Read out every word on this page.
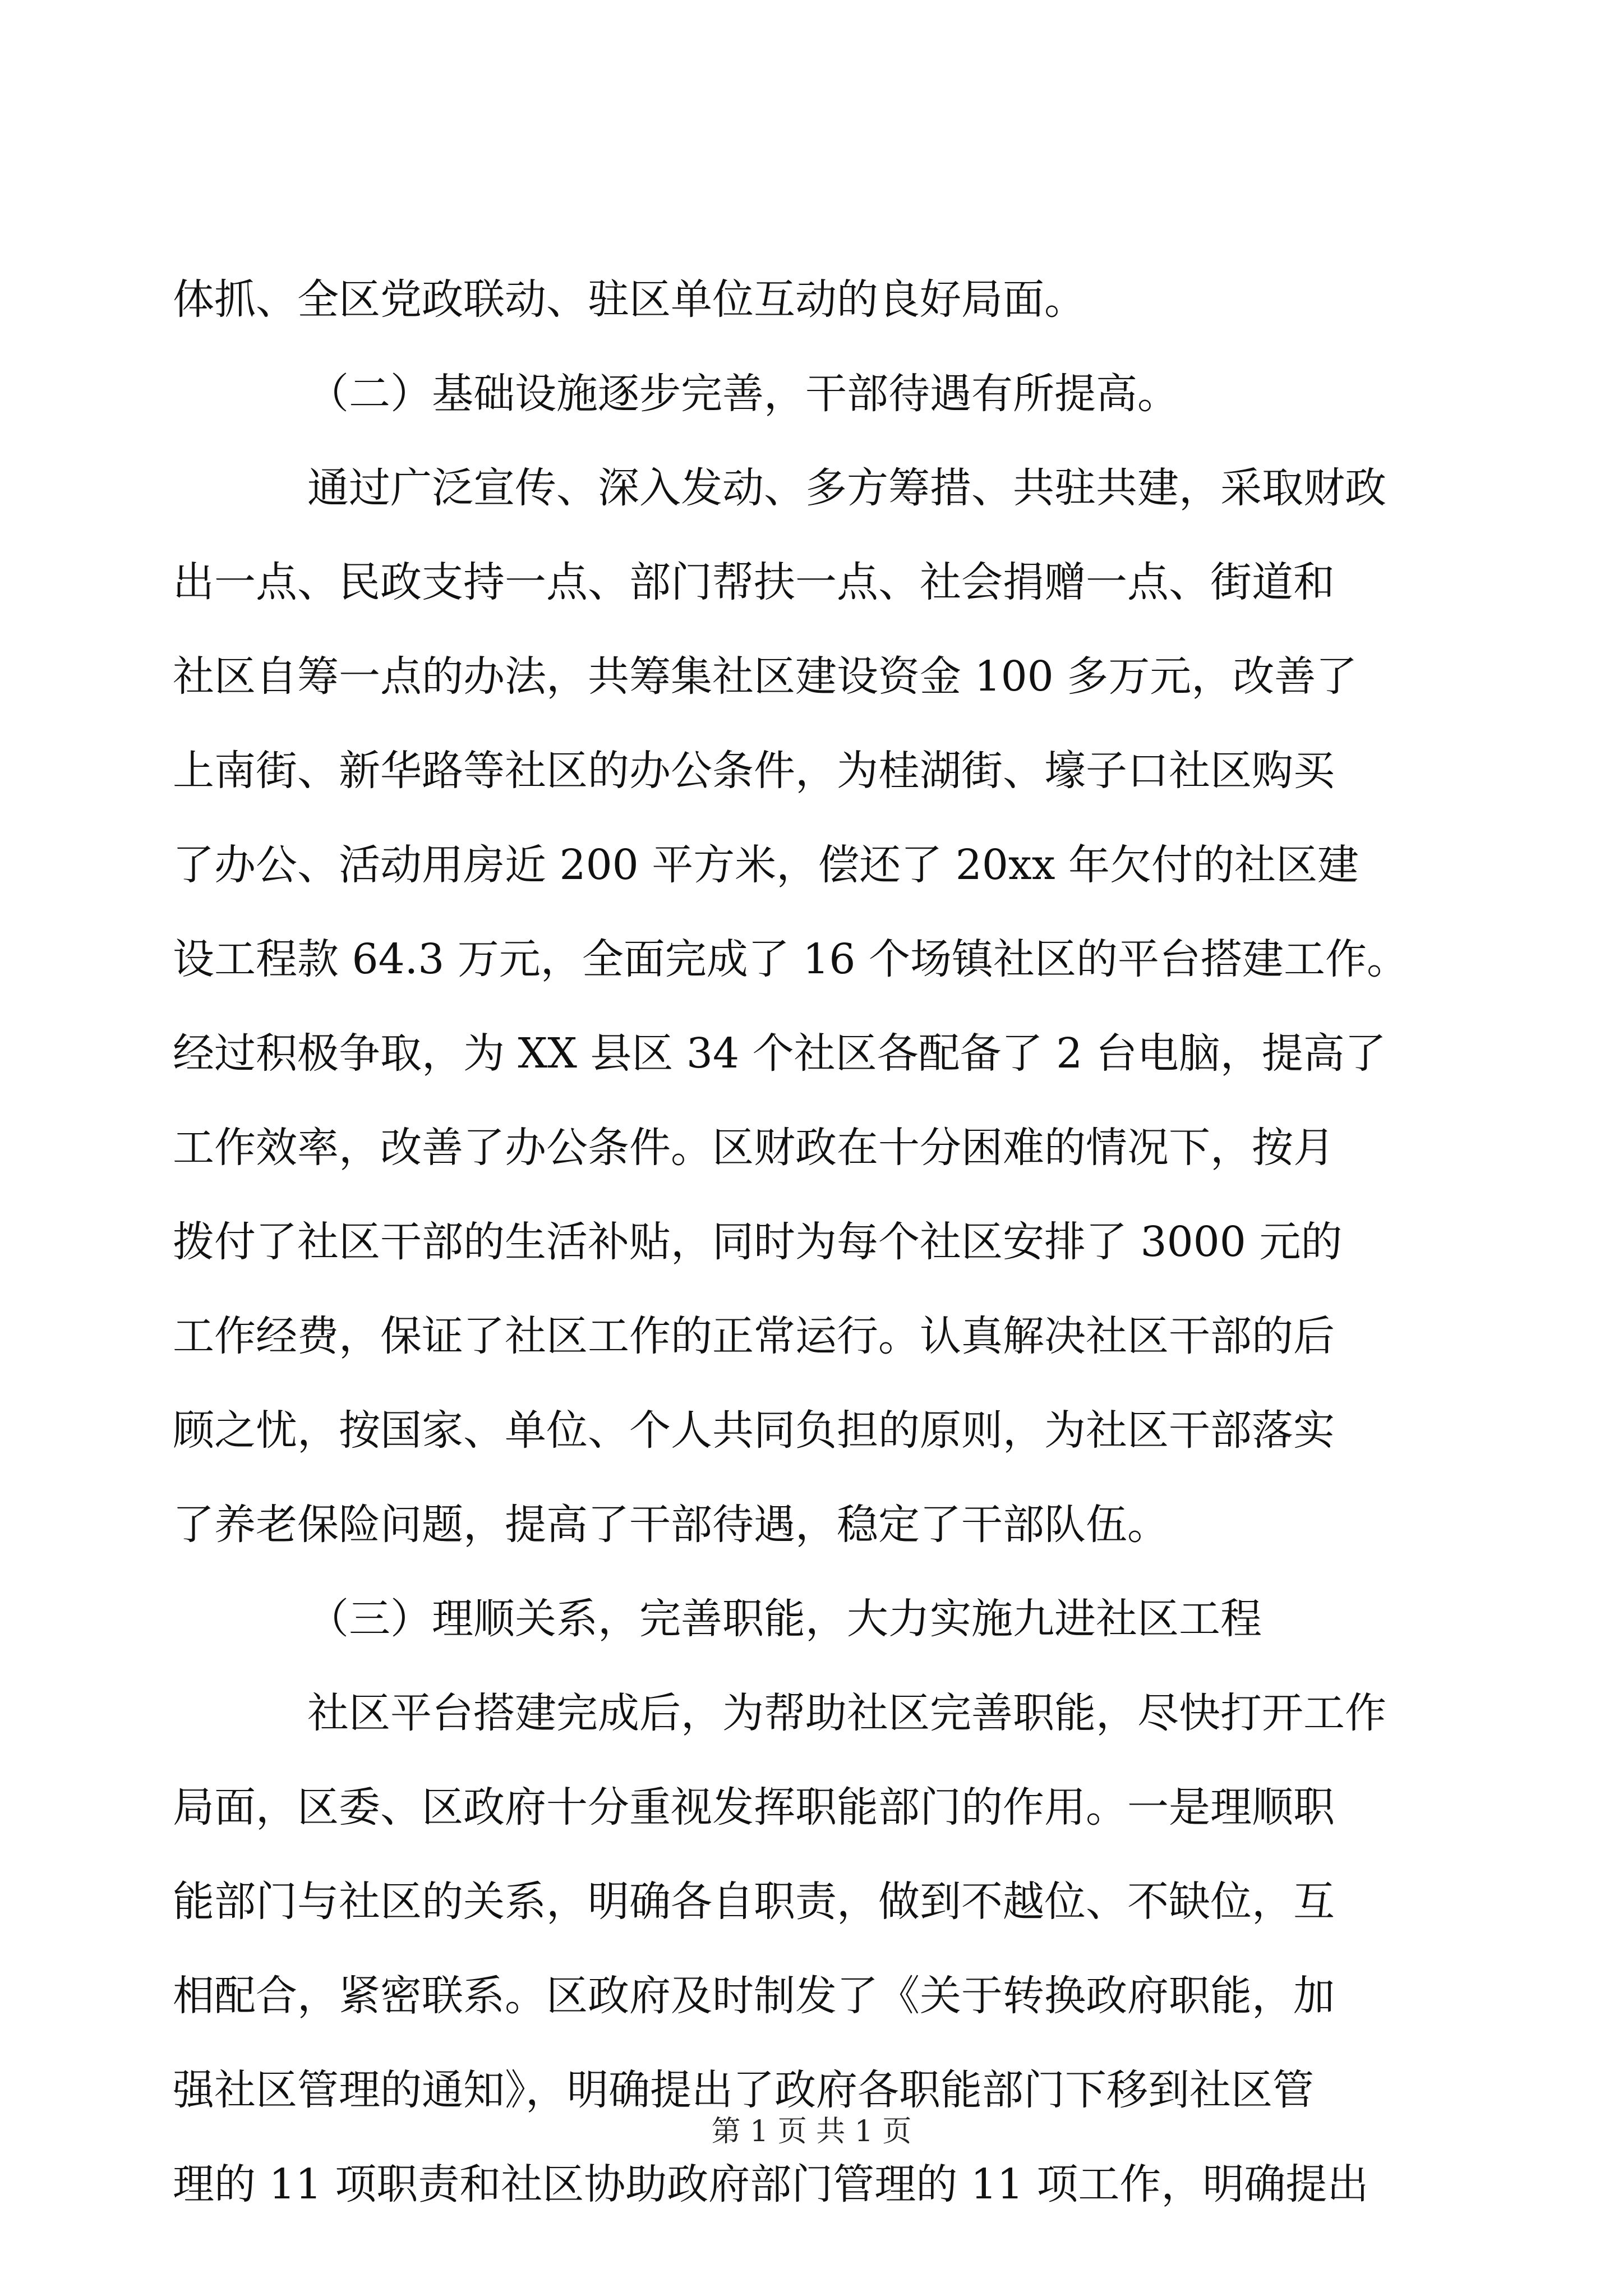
体抓、全区党政联动、驻区单位互动的良好局面。
（二）基础设施逐步完善，干部待遇有所提高。
通过广泛宣传、深入发动、多方筹措、共驻共建，采取财政
出一点、民政支持一点、部门帮扶一点、社会捐赠一点、街道和
社区自筹一点的办法，共筹集社区建设资金 100 多万元，改善了
上南街、新华路等社区的办公条件，为桂湖街、壕子口社区购买
了办公、活动用房近 200 平方米，偿还了 20xx 年欠付的社区建
设工程款 64.3 万元，全面完成了 16 个场镇社区的平台搭建工作。
经过积极争取，为 XX 县区 34 个社区各配备了 2 台电脑，提高了
工作效率，改善了办公条件。区财政在十分困难的情况下，按月
拨付了社区干部的生活补贴，同时为每个社区安排了 3000 元的
工作经费，保证了社区工作的正常运行。认真解决社区干部的后
顾之忧，按国家、单位、个人共同负担的原则，为社区干部落实
了养老保险问题，提高了干部待遇，稳定了干部队伍。
（三）理顺关系，完善职能，大力实施九进社区工程
社区平台搭建完成后，为帮助社区完善职能，尽快打开工作
局面，区委、区政府十分重视发挥职能部门的作用。一是理顺职
能部门与社区的关系，明确各自职责，做到不越位、不缺位，互
相配合，紧密联系。区政府及时制发了《关于转换政府职能，加
强社区管理的通知》，明确提出了政府各职能部门下移到社区管
理的 11 项职责和社区协助政府部门管理的 11 项工作，明确提出
第 1 页 共 1 页
